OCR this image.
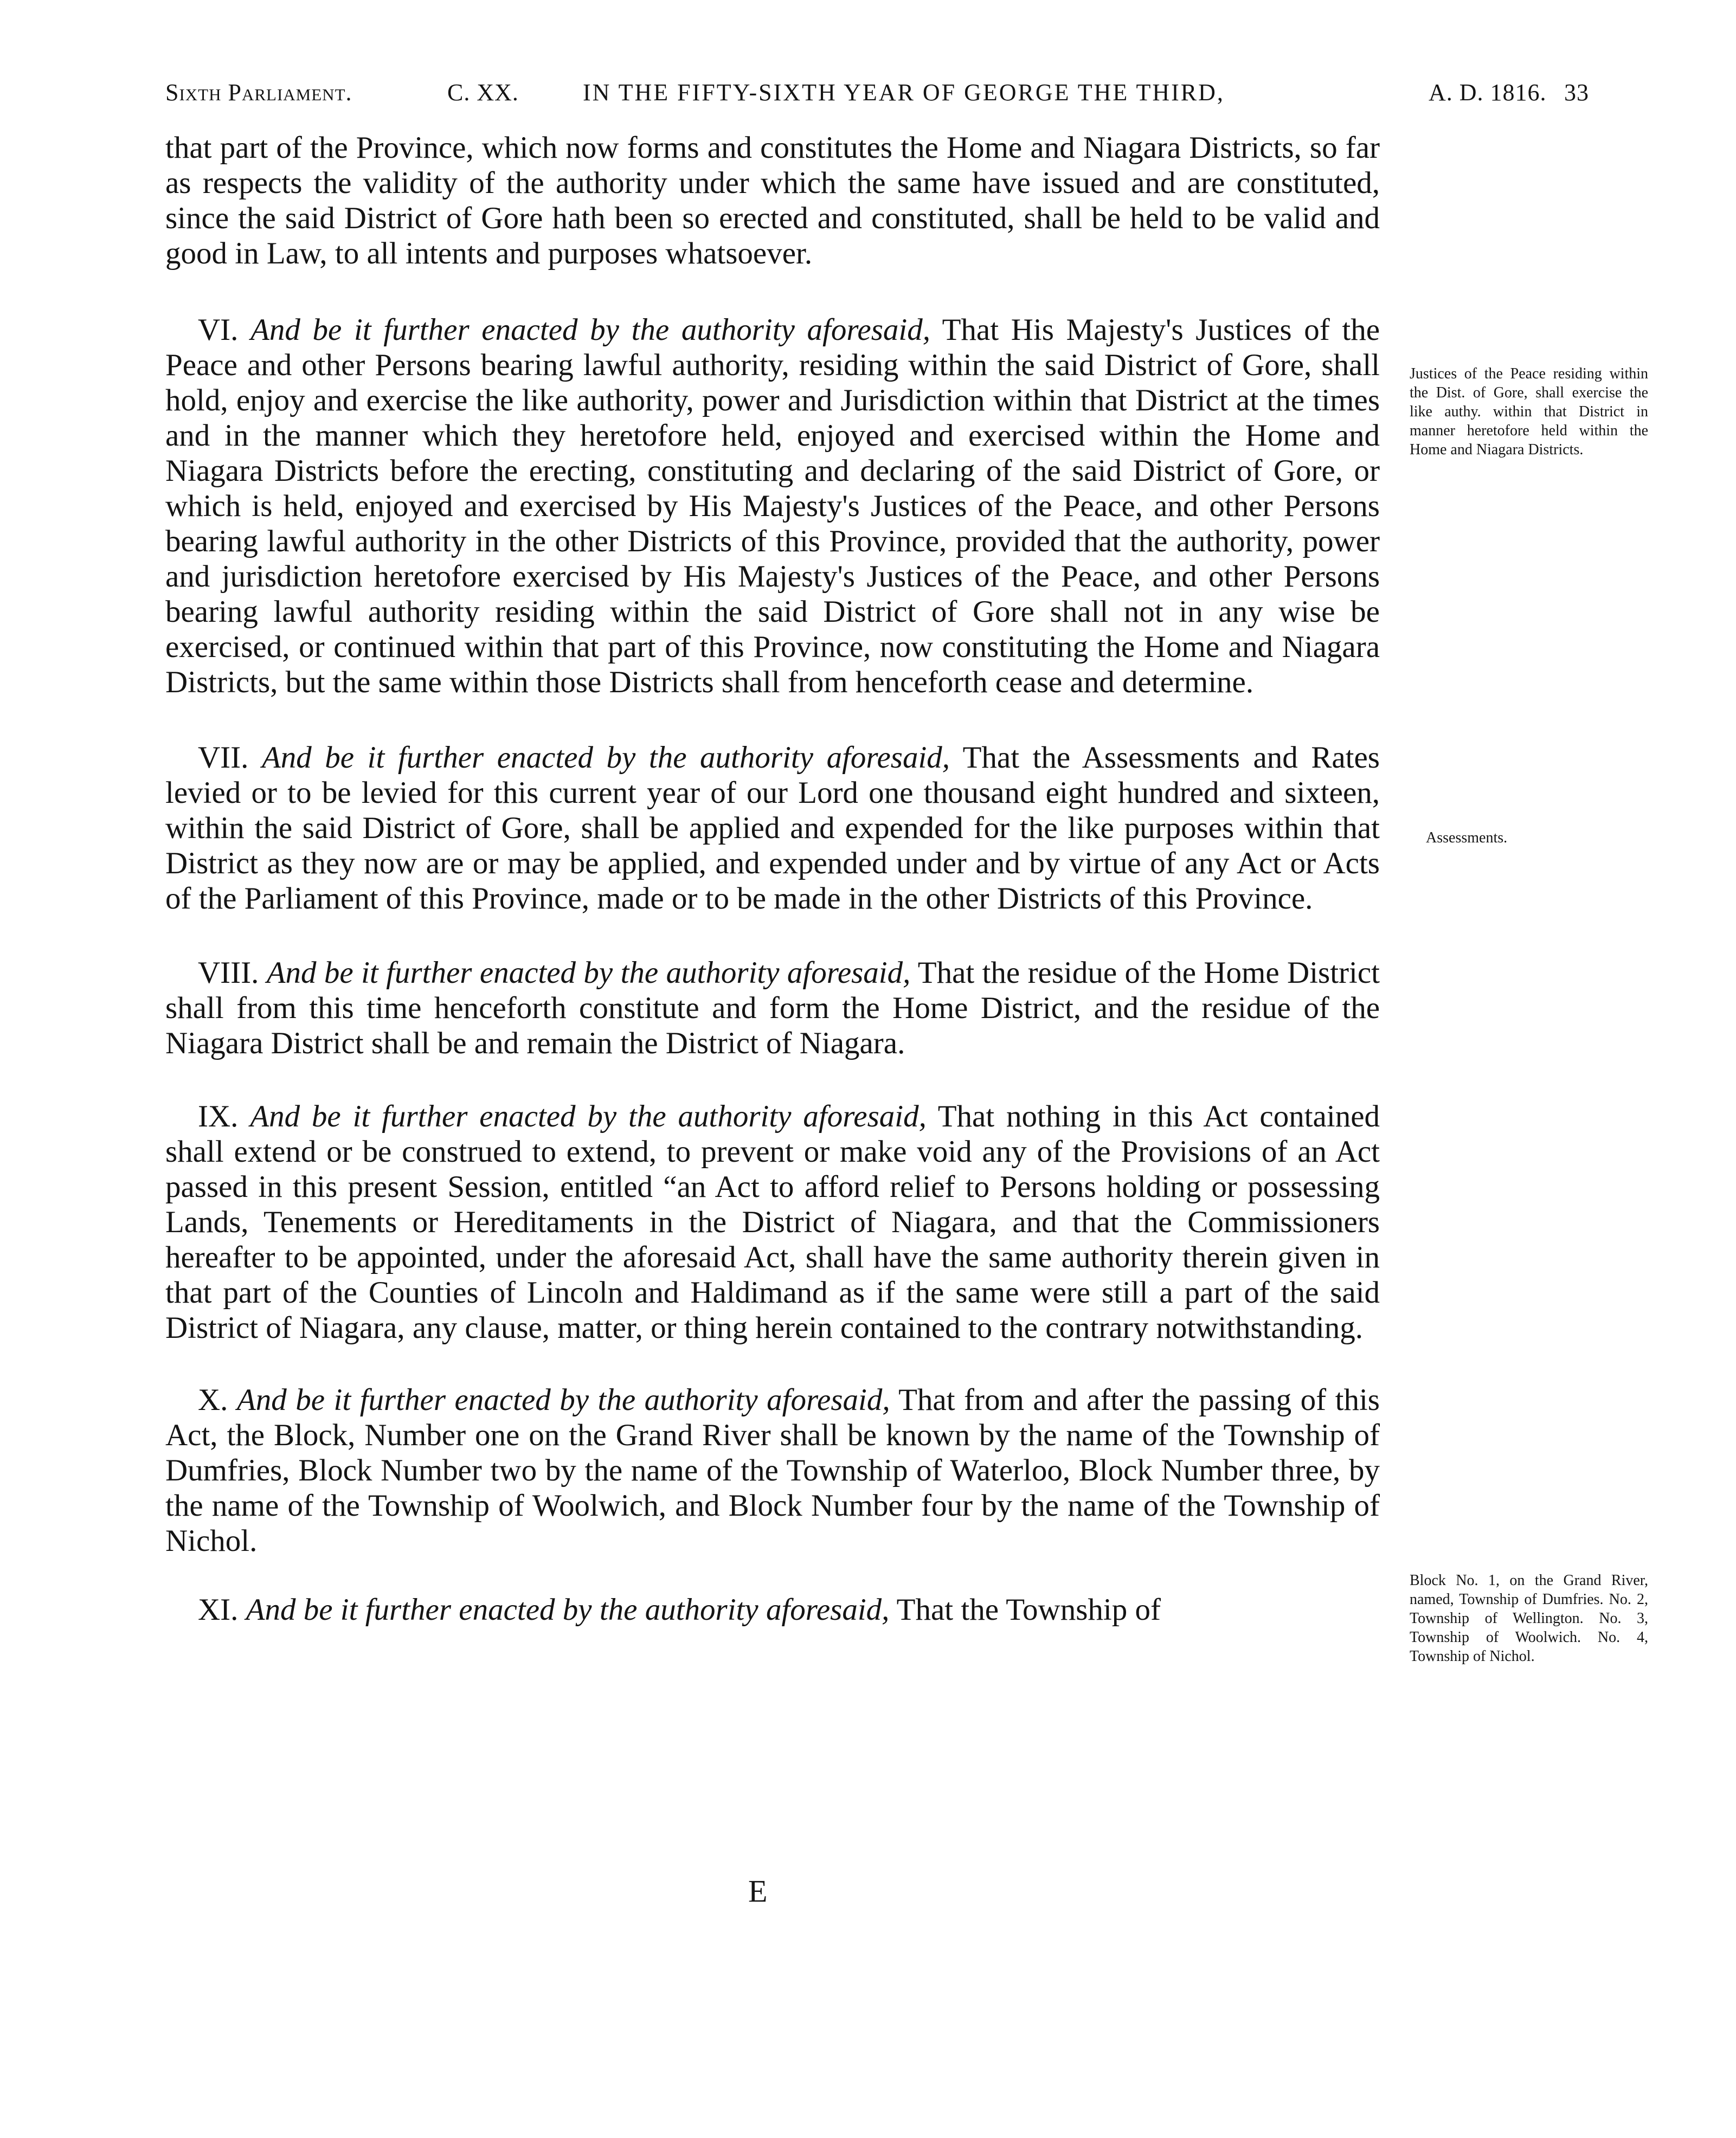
Sixth Parliament.	C. XX.	IN THE FIFTY-SIXTH YEAR OF GEORGE THE THIRD,	A. D. 1816. 33

that part of the Province, which now forms and constitutes the Home and Niagara Districts, so far as respects the validity of the authority under which the same have issued and are constituted, since the said District of Gore hath been so erected and constituted, shall be held to be valid and good in Law, to all intents and purposes whatsoever.

VI. And be it further enacted by the authority aforesaid, That His Majesty's Justices of the Peace and other Persons bearing lawful authority, residing within the said District of Gore, shall hold, enjoy and exercise the like authority, power and Jurisdiction within that District at the times and in the manner which they heretofore held, enjoyed and exercised within the Home and Niagara Districts before the erecting, constituting and declaring of the said District of Gore, or which is held, enjoyed and exercised by His Majesty's Justices of the Peace, and other Persons bearing lawful authority in the other Districts of this Province, provided that the authority, power and jurisdiction heretofore exercised by His Majesty's Justices of the Peace, and other Persons bearing lawful authority residing within the said District of Gore shall not in any wise be exercised, or continued within that part of this Province, now constituting the Home and Niagara Districts, but the same within those Districts shall from henceforth cease and determine.

VII. And be it further enacted by the authority aforesaid, That the Assessments and Rates levied or to be levied for this current year of our Lord one thousand eight hundred and sixteen, within the said District of Gore, shall be applied and expended for the like purposes within that District as they now are or may be applied, and expended under and by virtue of any Act or Acts of the Parliament of this Province, made or to be made in the other Districts of this Province.

VIII. And be it further enacted by the authority aforesaid, That the residue of the Home District shall from this time henceforth constitute and form the Home District, and the residue of the Niagara District shall be and remain the District of Niagara.

IX. And be it further enacted by the authority aforesaid, That nothing in this Act contained shall extend or be construed to extend, to prevent or make void any of the Provisions of an Act passed in this present Session, entitled “an Act to afford relief to Persons holding or possessing Lands, Tenements or Hereditaments in the District of Niagara, and that the Commissioners hereafter to be appointed, under the aforesaid Act, shall have the same authority therein given in that part of the Counties of Lincoln and Haldimand as if the same were still a part of the said District of Niagara, any clause, matter, or thing herein contained to the contrary notwithstanding.

X. And be it further enacted by the authority aforesaid, That from and after the passing of this Act, the Block, Number one on the Grand River shall be known by the name of the Township of Dumfries, Block Number two by the name of the Township of Waterloo, Block Number three, by the name of the Township of Woolwich, and Block Number four by the name of the Township of Nichol.

XI. And be it further enacted by the authority aforesaid, That the Township of

E
Justices of the Peace residing within the Dist. of Gore, shall exercise the like authy. within that District in manner heretofore held within the Home and Niagara Districts.
Assessments.
Block No. 1, on the Grand River, named, Township of Dumfries. No. 2, Township of Wellington. No. 3, Township of Woolwich. No. 4, Township of Nichol.
